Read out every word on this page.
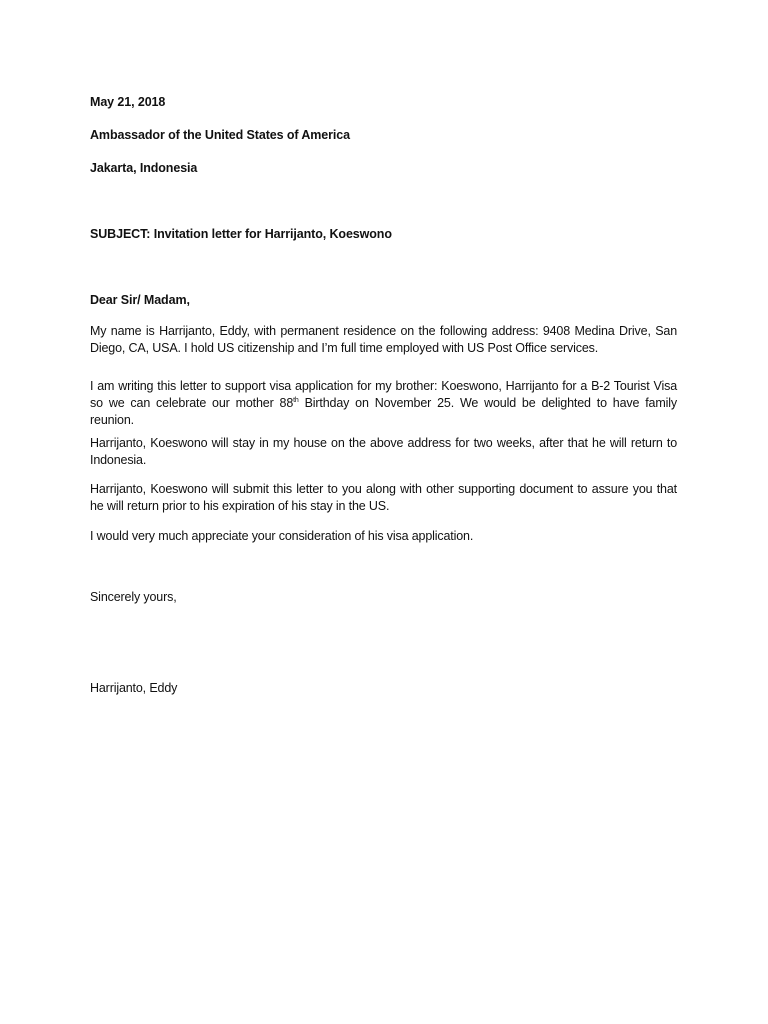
May 21, 2018
Ambassador of the United States of America
Jakarta, Indonesia
SUBJECT: Invitation letter for Harrijanto, Koeswono
Dear Sir/ Madam,
My name is Harrijanto, Eddy, with permanent residence on the following address: 9408 Medina Drive, San Diego, CA, USA. I hold US citizenship and I’m full time employed with US Post Office services.
I am writing this letter to support visa application for my brother: Koeswono, Harrijanto for a B-2 Tourist Visa so we can celebrate our mother 88th Birthday on November 25. We would be delighted to have family reunion.
Harrijanto, Koeswono will stay in my house on the above address for two weeks, after that he will return to Indonesia.
Harrijanto, Koeswono will submit this letter to you along with other supporting document to assure you that he will return prior to his expiration of his stay in the US.
I would very much appreciate your consideration of his visa application.
Sincerely yours,
Harrijanto, Eddy
